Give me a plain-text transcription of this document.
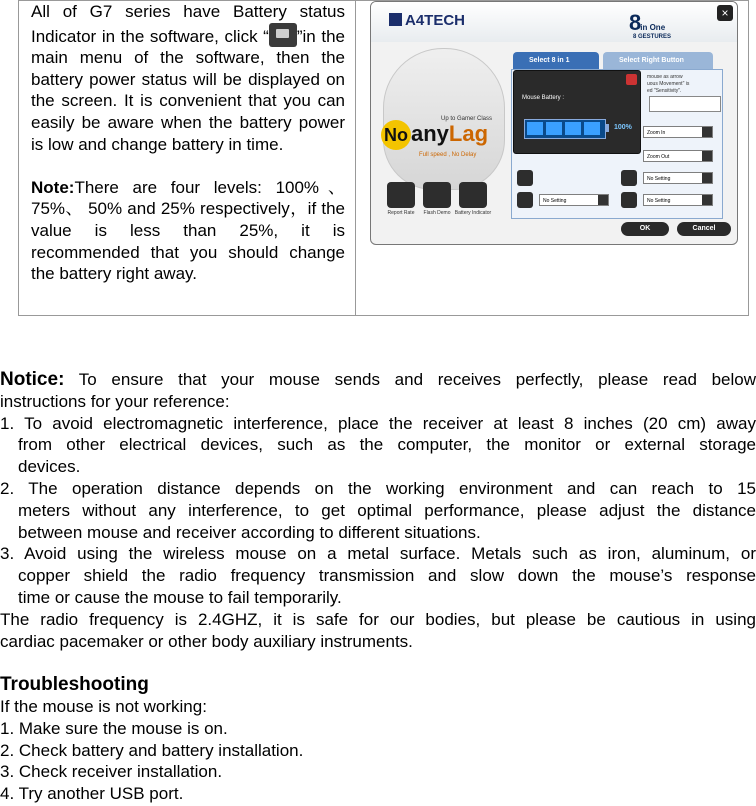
All of G7 series have Battery status Indicator in the software, click “ ”in the main menu of the software, then the battery power status will be displayed on the screen. It is convenient that you can easily be aware when the battery power is low and change battery in time.

Note:There are four levels: 100%、 75%、 50% and 25% respectively，if the value is less than 25%, it is recommended that you should change the battery right away.

A4TECH	8in One
8 GESTURES
×
Up to Gamer Class
No anyLag
Full speed , No Delay
Report Rate	Flash Demo Battery Indicator
Select 8 in 1	Select Right Button
mouse as arrow
uous Movement" is
ed "Sensitivity".
Zoom In
Zoom Out
No Setting
No Setting
No Setting
Mouse Battery :
100%
OK	Cancel
Notice: To ensure that your mouse sends and receives perfectly, please read below
instructions for your reference:
1. To avoid electromagnetic interference, place the receiver at least 8 inches (20 cm) away
from other electrical devices, such as the computer, the monitor or external storage
devices.
2. The operation distance depends on the working environment and can reach to 15
meters without any interference, to get optimal performance, please adjust the distance
between mouse and receiver according to different situations.
3. Avoid using the wireless mouse on a metal surface. Metals such as iron, aluminum, or
copper shield the radio frequency transmission and slow down the mouse’s response
time or cause the mouse to fail temporarily.
The radio frequency is 2.4GHZ, it is safe for our bodies, but please be cautious in using
cardiac pacemaker or other body auxiliary instruments.
Troubleshooting
If the mouse is not working:
1. Make sure the mouse is on.
2. Check battery and battery installation.
3. Check receiver installation.
4. Try another USB port.
